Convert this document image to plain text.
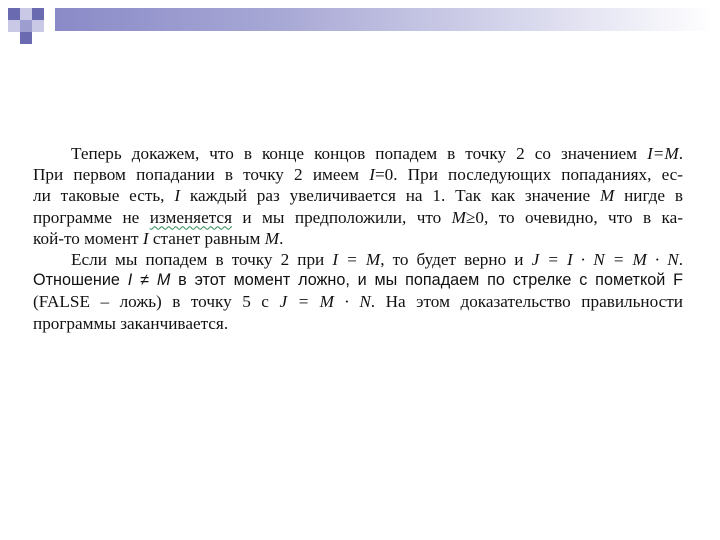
Теперь докажем, что в конце концов попадем в точку 2 со значением I=M.
При первом попадании в точку 2 имеем I=0. При последующих попаданиях, ес-
ли таковые есть, I каждый раз увеличивается на 1. Так как значение M нигде в
программе не изменяется и мы предположили, что M≥0, то очевидно, что в ка-
кой-то момент I станет равным M.
Если мы попадем в точку 2 при I = M, то будет верно и J = I · N = M · N.
Отношение I ≠ M в этот момент ложно, и мы попадаем по стрелке с пометкой F
(FALSE – ложь) в точку 5 с J = M · N. На этом доказательство правильности
программы заканчивается.
